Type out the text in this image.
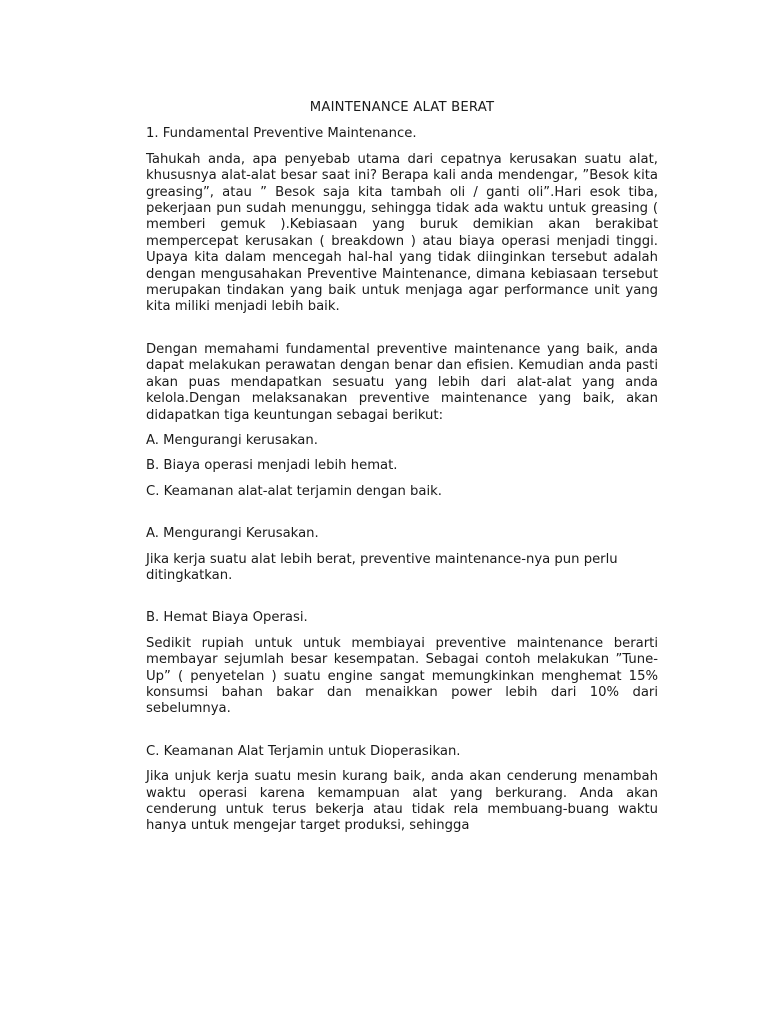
MAINTENANCE ALAT BERAT

1. Fundamental Preventive Maintenance.

Tahukah anda, apa penyebab utama dari cepatnya kerusakan suatu alat, khususnya alat-alat besar saat ini? Berapa kali anda mendengar, ”Besok kita greasing”, atau ” Besok saja kita tambah oli / ganti oli”.Hari esok tiba, pekerjaan pun sudah menunggu, sehingga tidak ada waktu untuk greasing ( memberi gemuk ).Kebiasaan yang buruk demikian akan berakibat mempercepat kerusakan ( breakdown ) atau biaya operasi menjadi tinggi. Upaya kita dalam mencegah hal-hal yang tidak diinginkan tersebut adalah dengan mengusahakan Preventive Maintenance, dimana kebiasaan tersebut merupakan tindakan yang baik untuk menjaga agar performance unit yang kita miliki menjadi lebih baik.

Dengan memahami fundamental preventive maintenance yang baik, anda dapat melakukan perawatan dengan benar dan efisien. Kemudian anda pasti akan puas mendapatkan sesuatu yang lebih dari alat-alat yang anda kelola.Dengan melaksanakan preventive maintenance yang baik, akan didapatkan tiga keuntungan sebagai berikut:

A. Mengurangi kerusakan.

B. Biaya operasi menjadi lebih hemat.

C. Keamanan alat-alat terjamin dengan baik.

A. Mengurangi Kerusakan.

Jika kerja suatu alat lebih berat, preventive maintenance-nya pun perlu ditingkatkan.

B. Hemat Biaya Operasi.

Sedikit rupiah untuk untuk membiayai preventive maintenance berarti membayar sejumlah besar kesempatan. Sebagai contoh melakukan ”Tune-Up” ( penyetelan ) suatu engine sangat memungkinkan menghemat 15% konsumsi bahan bakar dan menaikkan power lebih dari 10% dari sebelumnya.

C. Keamanan Alat Terjamin untuk Dioperasikan.

Jika unjuk kerja suatu mesin kurang baik, anda akan cenderung menambah waktu operasi karena kemampuan alat yang berkurang. Anda akan cenderung untuk terus bekerja atau tidak rela membuang-buang waktu hanya untuk mengejar target produksi, sehingga
